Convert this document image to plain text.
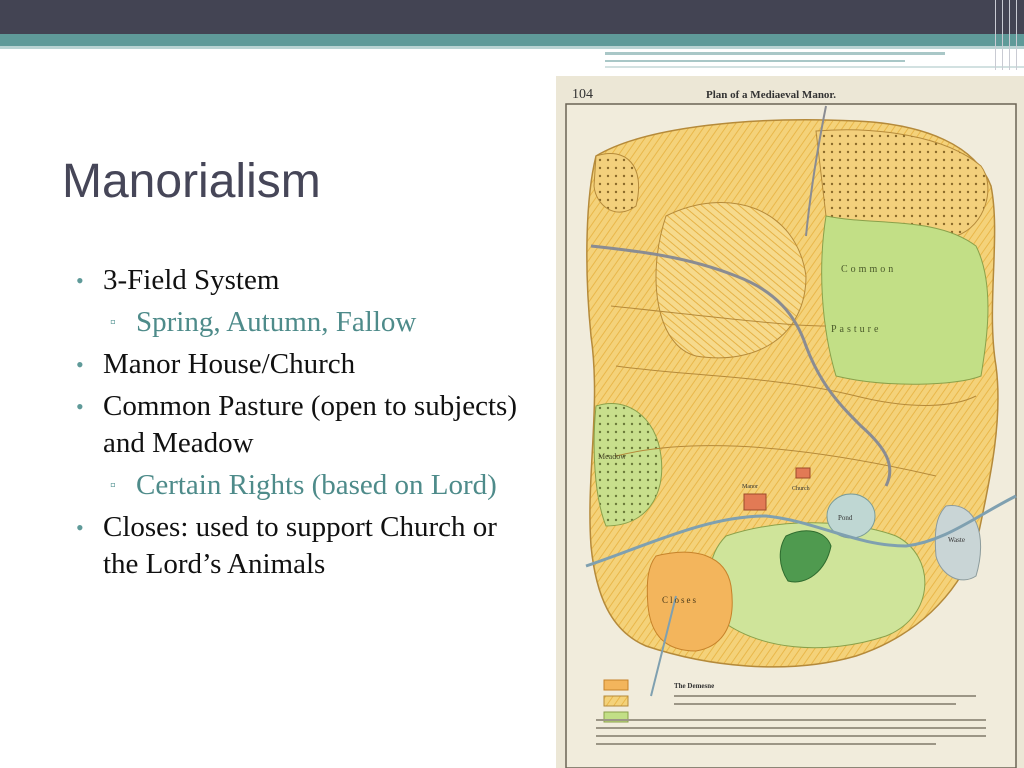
Manorialism
• 3-Field System
▫ Spring, Autumn, Fallow
• Manor House/Church
• Common Pasture (open to subjects) and Meadow
▫ Certain Rights (based on Lord)
• Closes: used to support Church or the Lord’s Animals
104	Plan of a Mediaeval Manor.
Church
Manor
Common
Pasture
Meadow
Closes
Pond
Waste
The Demesne
